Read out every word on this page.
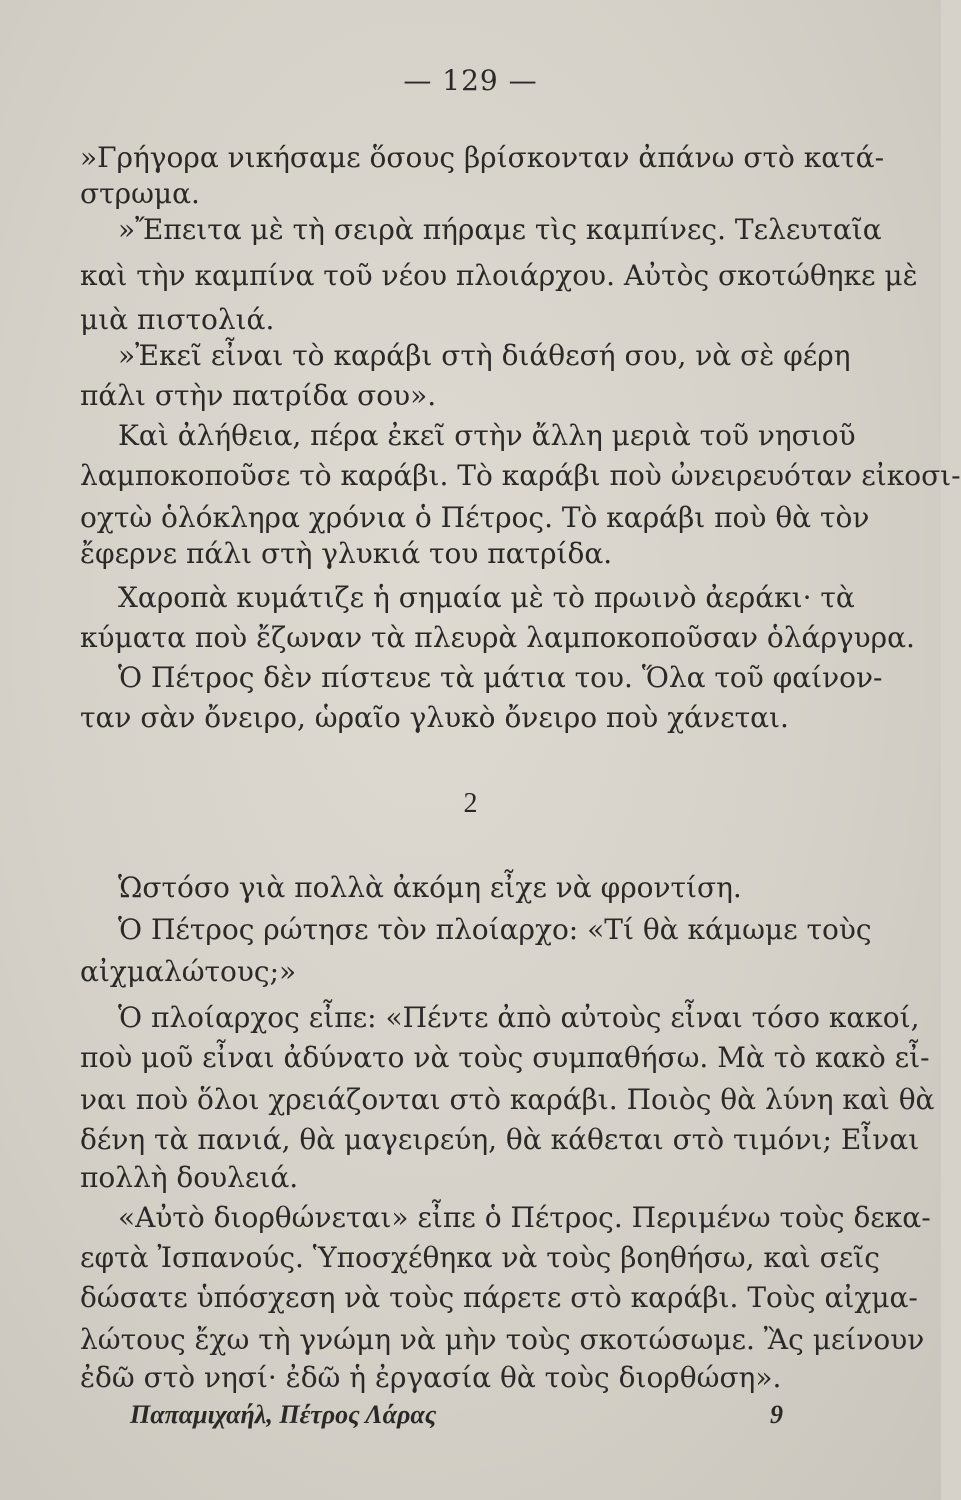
— 129 —
»Γρήγορα νικήσαμε ὅσους βρίσκονταν ἀπάνω στὸ κατά-
στρωμα.
»Ἔπειτα μὲ τὴ σειρὰ πήραμε τὶς καμπίνες. Τελευταῖα
καὶ τὴν καμπίνα τοῦ νέου πλοιάρχου. Αὐτὸς σκοτώθηκε μὲ
μιὰ πιστολιά.
»Ἐκεῖ εἶναι τὸ καράβι στὴ διάθεσή σου, νὰ σὲ φέρη
πάλι στὴν πατρίδα σου».
Καὶ ἀλήθεια, πέρα ἐκεῖ στὴν ἄλλη μεριὰ τοῦ νησιοῦ
λαμποκοποῦσε τὸ καράβι. Τὸ καράβι ποὺ ὠνειρευόταν εἰκοσι-
οχτὼ ὁλόκληρα χρόνια ὁ Πέτρος. Τὸ καράβι ποὺ θὰ τὸν
ἔφερνε πάλι στὴ γλυκιά του πατρίδα.
Χαροπὰ κυμάτιζε ἡ σημαία μὲ τὸ πρωινὸ ἀεράκι· τὰ
κύματα ποὺ ἔζωναν τὰ πλευρὰ λαμποκοποῦσαν ὁλάργυρα.
Ὁ Πέτρος δὲν πίστευε τὰ μάτια του. Ὅλα τοῦ φαίνον-
ταν σὰν ὄνειρο, ὡραῖο γλυκὸ ὄνειρο ποὺ χάνεται.
2
Ὡστόσο γιὰ πολλὰ ἀκόμη εἶχε νὰ φροντίση.
Ὁ Πέτρος ρώτησε τὸν πλοίαρχο: «Τί θὰ κάμωμε τοὺς
αἰχμαλώτους;»
Ὁ πλοίαρχος εἶπε: «Πέντε ἀπὸ αὐτοὺς εἶναι τόσο κακοί,
ποὺ μοῦ εἶναι ἀδύνατο νὰ τοὺς συμπαθήσω. Μὰ τὸ κακὸ εἶ-
ναι ποὺ ὅλοι χρειάζονται στὸ καράβι. Ποιὸς θὰ λύνη καὶ θὰ
δένη τὰ πανιά, θὰ μαγειρεύη, θὰ κάθεται στὸ τιμόνι; Εἶναι
πολλὴ δουλειά.
«Αὐτὸ διορθώνεται» εἶπε ὁ Πέτρος. Περιμένω τοὺς δεκα-
εφτὰ Ἰσπανούς. Ὑποσχέθηκα νὰ τοὺς βοηθήσω, καὶ σεῖς
δώσατε ὑπόσχεση νὰ τοὺς πάρετε στὸ καράβι. Τοὺς αἰχμα-
λώτους ἔχω τὴ γνώμη νὰ μὴν τοὺς σκοτώσωμε. Ἂς μείνουν
ἐδῶ στὸ νησί· ἐδῶ ἡ ἐργασία θὰ τοὺς διορθώση».
Παπαμιχαήλ, Πέτρος Λάρας	9
